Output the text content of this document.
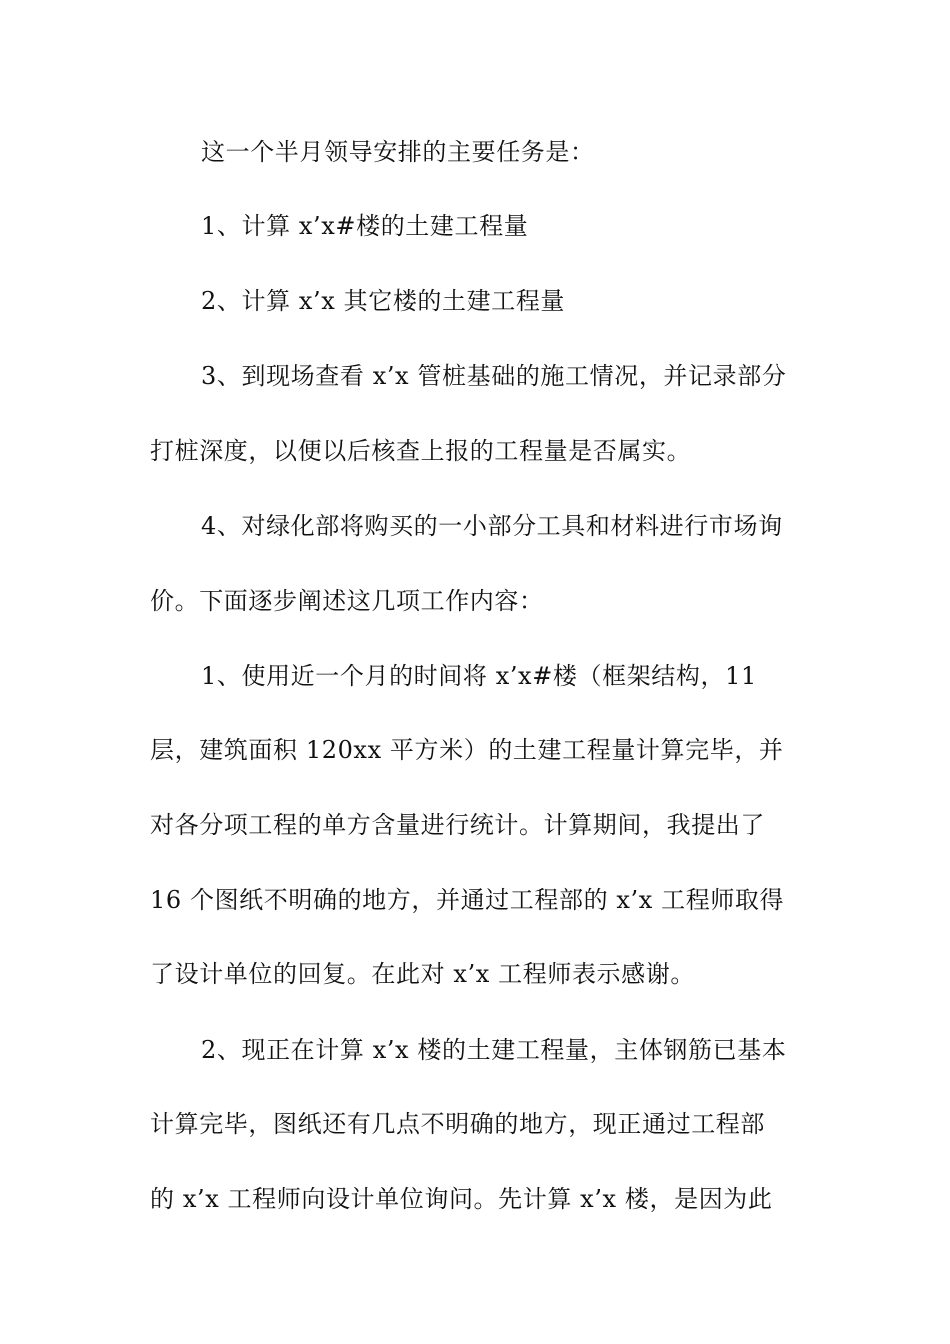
这一个半月领导安排的主要任务是：
1、计算 x’x#楼的土建工程量
2、计算 x’x 其它楼的土建工程量
3、到现场查看 x’x 管桩基础的施工情况，并记录部分
打桩深度，以便以后核查上报的工程量是否属实。
4、对绿化部将购买的一小部分工具和材料进行市场询
价。下面逐步阐述这几项工作内容：
1、使用近一个月的时间将 x’x#楼（框架结构，11
层，建筑面积 120xx 平方米）的土建工程量计算完毕，并
对各分项工程的单方含量进行统计。计算期间，我提出了
16 个图纸不明确的地方，并通过工程部的 x’x 工程师取得
了设计单位的回复。在此对 x’x 工程师表示感谢。
2、现正在计算 x’x 楼的土建工程量，主体钢筋已基本
计算完毕，图纸还有几点不明确的地方，现正通过工程部
的 x’x 工程师向设计单位询问。先计算 x’x 楼，是因为此
